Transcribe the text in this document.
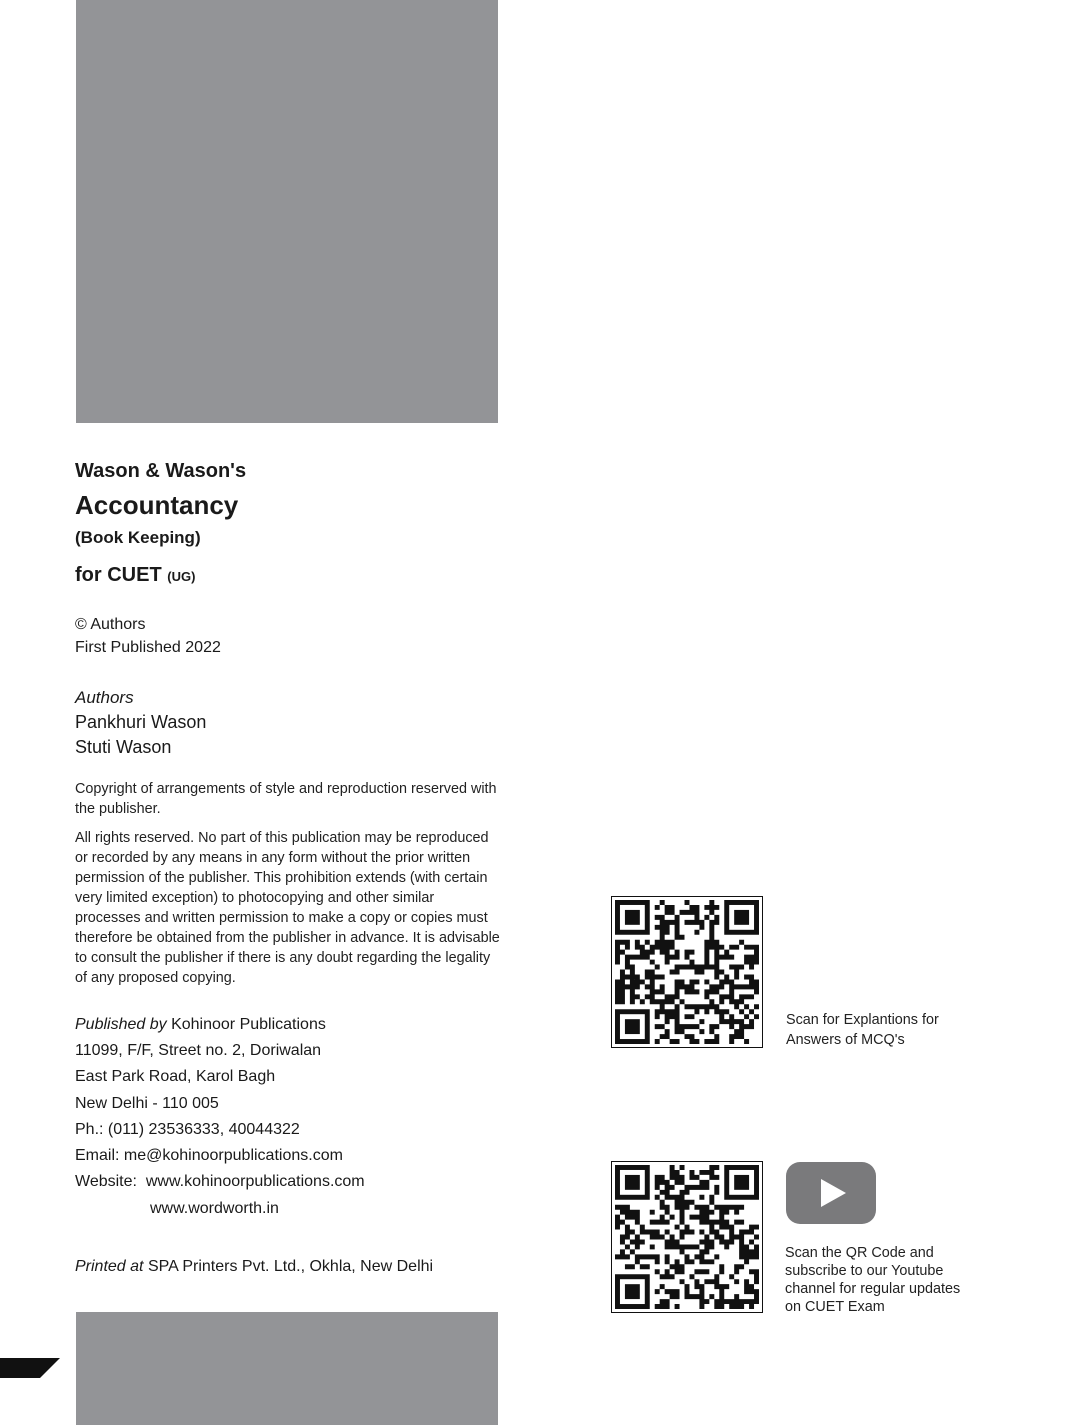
Wason & Wason's

Accountancy

(Book Keeping)

for CUET (UG)

© Authors

First Published 2022

Authors

Pankhuri Wason

Stuti Wason

Copyright of arrangements of style and reproduction reserved with the publisher.

All rights reserved. No part of this publication may be reproduced or recorded by any means in any form without the prior written permission of the publisher. This prohibition extends (with certain very limited exception) to photocopying and other similar processes and written permission to make a copy or copies must therefore be obtained from the publisher in advance. It is advisable to consult the publisher if there is any doubt regarding the legality of any proposed copying.

Published by Kohinoor Publications

11099, F/F, Street no. 2, Doriwalan

East Park Road, Karol Bagh

New Delhi - 110 005

Ph.: (011) 23536333, 40044322

Email: me@kohinoorpublications.com

Website: www.kohinoorpublications.com

www.wordworth.in

Printed at SPA Printers Pvt. Ltd., Okhla, New Delhi

Scan for Explantions for Answers of MCQ's

Scan the QR Code and subscribe to our Youtube channel for regular updates on CUET Exam
